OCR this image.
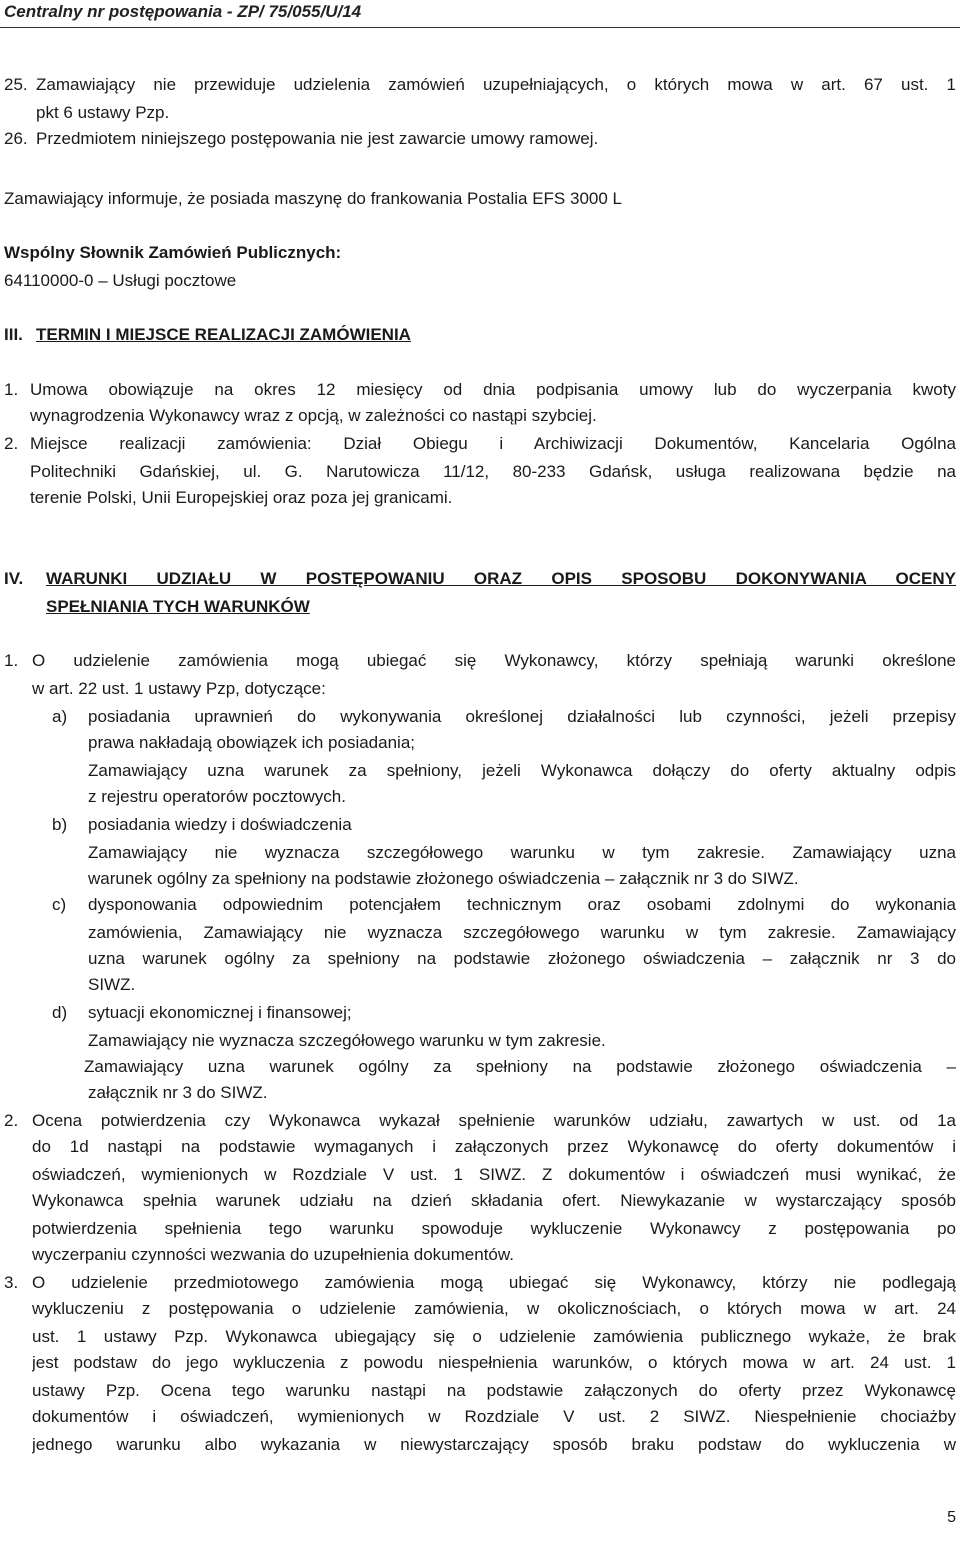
Centralny nr postępowania - ZP/ 75/055/U/14
25. Zamawiający nie przewiduje udzielenia zamówień uzupełniających, o których mowa w art. 67 ust. 1
pkt 6 ustawy Pzp.
26. Przedmiotem niniejszego postępowania nie jest zawarcie umowy ramowej.
Zamawiający informuje, że posiada maszynę do frankowania Postalia EFS 3000 L
Wspólny Słownik Zamówień Publicznych:
64110000-0 – Usługi pocztowe
III. TERMIN I MIEJSCE REALIZACJI ZAMÓWIENIA
1. Umowa obowiązuje na okres 12 miesięcy od dnia podpisania umowy lub do wyczerpania kwoty
wynagrodzenia Wykonawcy wraz z opcją, w zależności co nastąpi szybciej.
2. Miejsce realizacji zamówienia: Dział Obiegu i Archiwizacji Dokumentów, Kancelaria Ogólna
Politechniki Gdańskiej, ul. G. Narutowicza 11/12, 80-233 Gdańsk, usługa realizowana będzie na
terenie Polski, Unii Europejskiej oraz poza jej granicami.
IV. WARUNKI UDZIAŁU W POSTĘPOWANIU ORAZ OPIS SPOSOBU DOKONYWANIA OCENY
SPEŁNIANIA TYCH WARUNKÓW
1. O udzielenie zamówienia mogą ubiegać się Wykonawcy, którzy spełniają warunki określone
w art. 22 ust. 1 ustawy Pzp, dotyczące:
a) posiadania uprawnień do wykonywania określonej działalności lub czynności, jeżeli przepisy
prawa nakładają obowiązek ich posiadania;
Zamawiający uzna warunek za spełniony, jeżeli Wykonawca dołączy do oferty aktualny odpis
z rejestru operatorów pocztowych.
b) posiadania wiedzy i doświadczenia
Zamawiający nie wyznacza szczegółowego warunku w tym zakresie. Zamawiający uzna
warunek ogólny za spełniony na podstawie złożonego oświadczenia – załącznik nr 3 do SIWZ.
c) dysponowania odpowiednim potencjałem technicznym oraz osobami zdolnymi do wykonania
zamówienia, Zamawiający nie wyznacza szczegółowego warunku w tym zakresie. Zamawiający
uzna warunek ogólny za spełniony na podstawie złożonego oświadczenia – załącznik nr 3 do
SIWZ.
d) sytuacji ekonomicznej i finansowej;
Zamawiający nie wyznacza szczegółowego warunku w tym zakresie.
Zamawiający uzna warunek ogólny za spełniony na podstawie złożonego oświadczenia –
załącznik nr 3 do SIWZ.
2. Ocena potwierdzenia czy Wykonawca wykazał spełnienie warunków udziału, zawartych w ust. od 1a
do 1d nastąpi na podstawie wymaganych i załączonych przez Wykonawcę do oferty dokumentów i
oświadczeń, wymienionych w Rozdziale V ust. 1 SIWZ. Z dokumentów i oświadczeń musi wynikać, że
Wykonawca spełnia warunek udziału na dzień składania ofert. Niewykazanie w wystarczający sposób
potwierdzenia spełnienia tego warunku spowoduje wykluczenie Wykonawcy z postępowania po
wyczerpaniu czynności wezwania do uzupełnienia dokumentów.
3. O udzielenie przedmiotowego zamówienia mogą ubiegać się Wykonawcy, którzy nie podlegają
wykluczeniu z postępowania o udzielenie zamówienia, w okolicznościach, o których mowa w art. 24
ust. 1 ustawy Pzp. Wykonawca ubiegający się o udzielenie zamówienia publicznego wykaże, że brak
jest podstaw do jego wykluczenia z powodu niespełnienia warunków, o których mowa w art. 24 ust. 1
ustawy Pzp. Ocena tego warunku nastąpi na podstawie załączonych do oferty przez Wykonawcę
dokumentów i oświadczeń, wymienionych w Rozdziale V ust. 2 SIWZ. Niespełnienie chociażby
jednego warunku albo wykazania w niewystarczający sposób braku podstaw do wykluczenia w
5
